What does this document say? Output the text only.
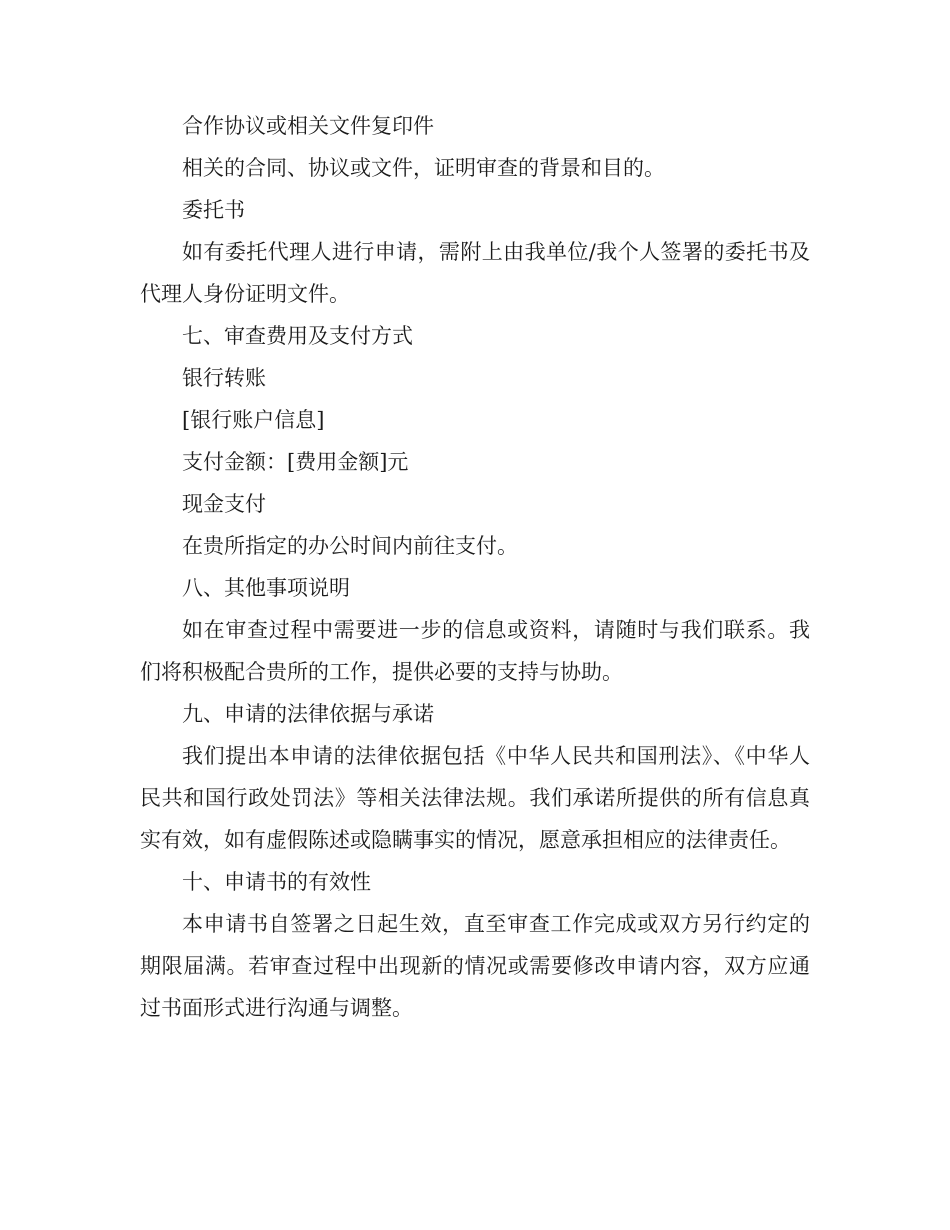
合作协议或相关文件复印件

相关的合同、协议或文件，证明审查的背景和目的。

委托书

如有委托代理人进行申请，需附上由我单位/我个人签署的委托书及代理人身份证明文件。

七、审查费用及支付方式

银行转账

[银行账户信息]

支付金额：[费用金额]元

现金支付

在贵所指定的办公时间内前往支付。

八、其他事项说明

如在审查过程中需要进一步的信息或资料，请随时与我们联系。我们将积极配合贵所的工作，提供必要的支持与协助。

九、申请的法律依据与承诺

我们提出本申请的法律依据包括《中华人民共和国刑法》、《中华人民共和国行政处罚法》等相关法律法规。我们承诺所提供的所有信息真实有效，如有虚假陈述或隐瞒事实的情况，愿意承担相应的法律责任。

十、申请书的有效性

本申请书自签署之日起生效，直至审查工作完成或双方另行约定的期限届满。若审查过程中出现新的情况或需要修改申请内容，双方应通过书面形式进行沟通与调整。
